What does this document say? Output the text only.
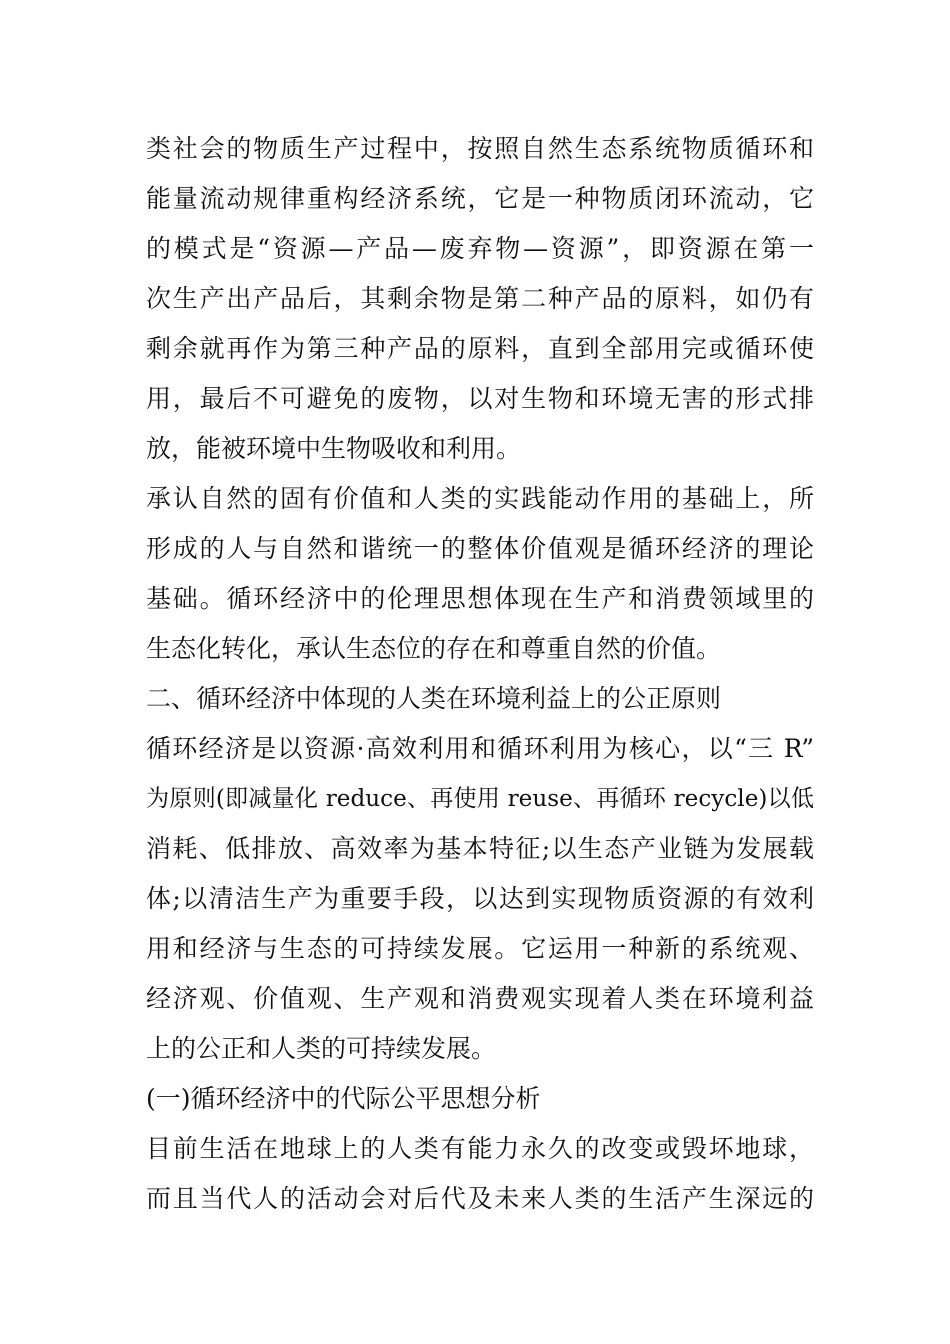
类社会的物质生产过程中，按照自然生态系统物质循环和
能量流动规律重构经济系统，它是一种物质闭环流动，它
的模式是“资源—产品—废弃物—资源”，即资源在第一
次生产出产品后，其剩余物是第二种产品的原料，如仍有
剩余就再作为第三种产品的原料，直到全部用完或循环使
用，最后不可避免的废物，以对生物和环境无害的形式排
放，能被环境中生物吸收和利用。
承认自然的固有价值和人类的实践能动作用的基础上，所
形成的人与自然和谐统一的整体价值观是循环经济的理论
基础。循环经济中的伦理思想体现在生产和消费领域里的
生态化转化，承认生态位的存在和尊重自然的价值。
二、循环经济中体现的人类在环境利益上的公正原则
循环经济是以资源·高效利用和循环利用为核心，以“三 R”
为原则(即减量化 reduce、再使用 reuse、再循环 recycle)以低
消耗、低排放、高效率为基本特征;以生态产业链为发展载
体;以清洁生产为重要手段，以达到实现物质资源的有效利
用和经济与生态的可持续发展。它运用一种新的系统观、
经济观、价值观、生产观和消费观实现着人类在环境利益
上的公正和人类的可持续发展。
(一)循环经济中的代际公平思想分析
目前生活在地球上的人类有能力永久的改变或毁坏地球，
而且当代人的活动会对后代及未来人类的生活产生深远的
